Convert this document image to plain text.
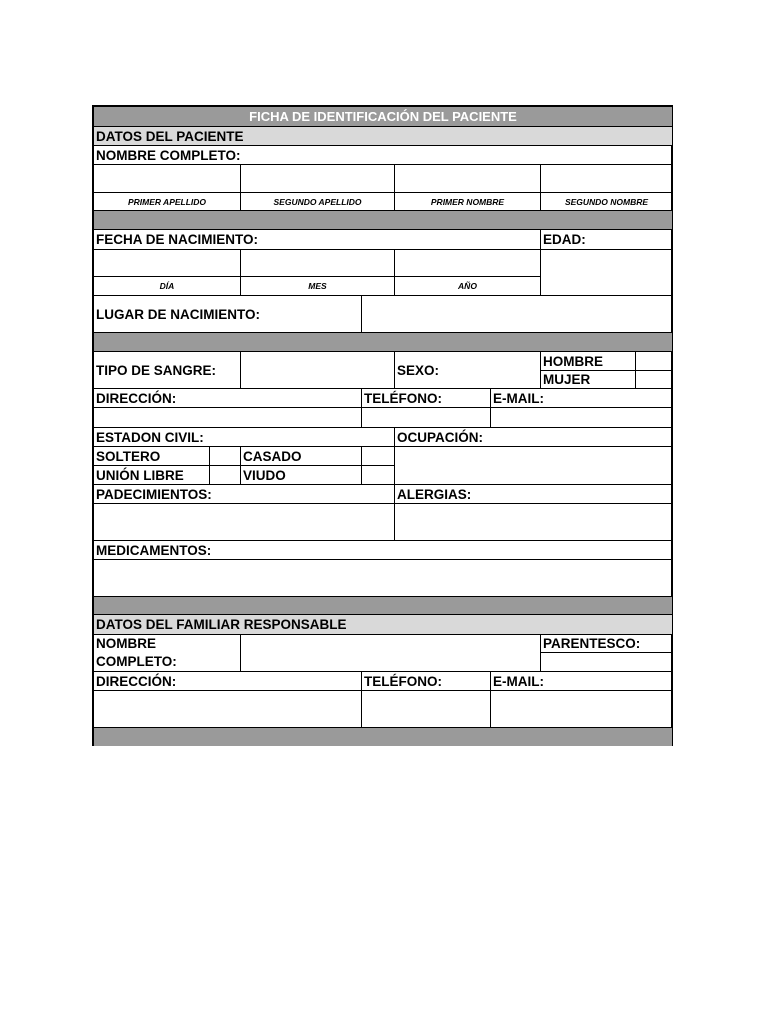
FICHA DE IDENTIFICACIÓN DEL PACIENTE
DATOS DEL PACIENTE
NOMBRE COMPLETO:
PRIMER APELLIDO	SEGUNDO APELLIDO	PRIMER NOMBRE	SEGUNDO NOMBRE
FECHA DE NACIMIENTO:	EDAD:
DÍA	MES	AÑO
LUGAR DE NACIMIENTO:
TIPO DE SANGRE:	SEXO:
HOMBRE
MUJER
DIRECCIÓN:	TELÉFONO:	E-MAIL:
ESTADON CIVIL:	OCUPACIÓN:
SOLTERO	CASADO
UNIÓN LIBRE	VIUDO
PADECIMIENTOS:	ALERGIAS:
MEDICAMENTOS:
DATOS DEL FAMILIAR RESPONSABLE
NOMBRE COMPLETO:
PARENTESCO:
DIRECCIÓN:	TELÉFONO:	E-MAIL:
